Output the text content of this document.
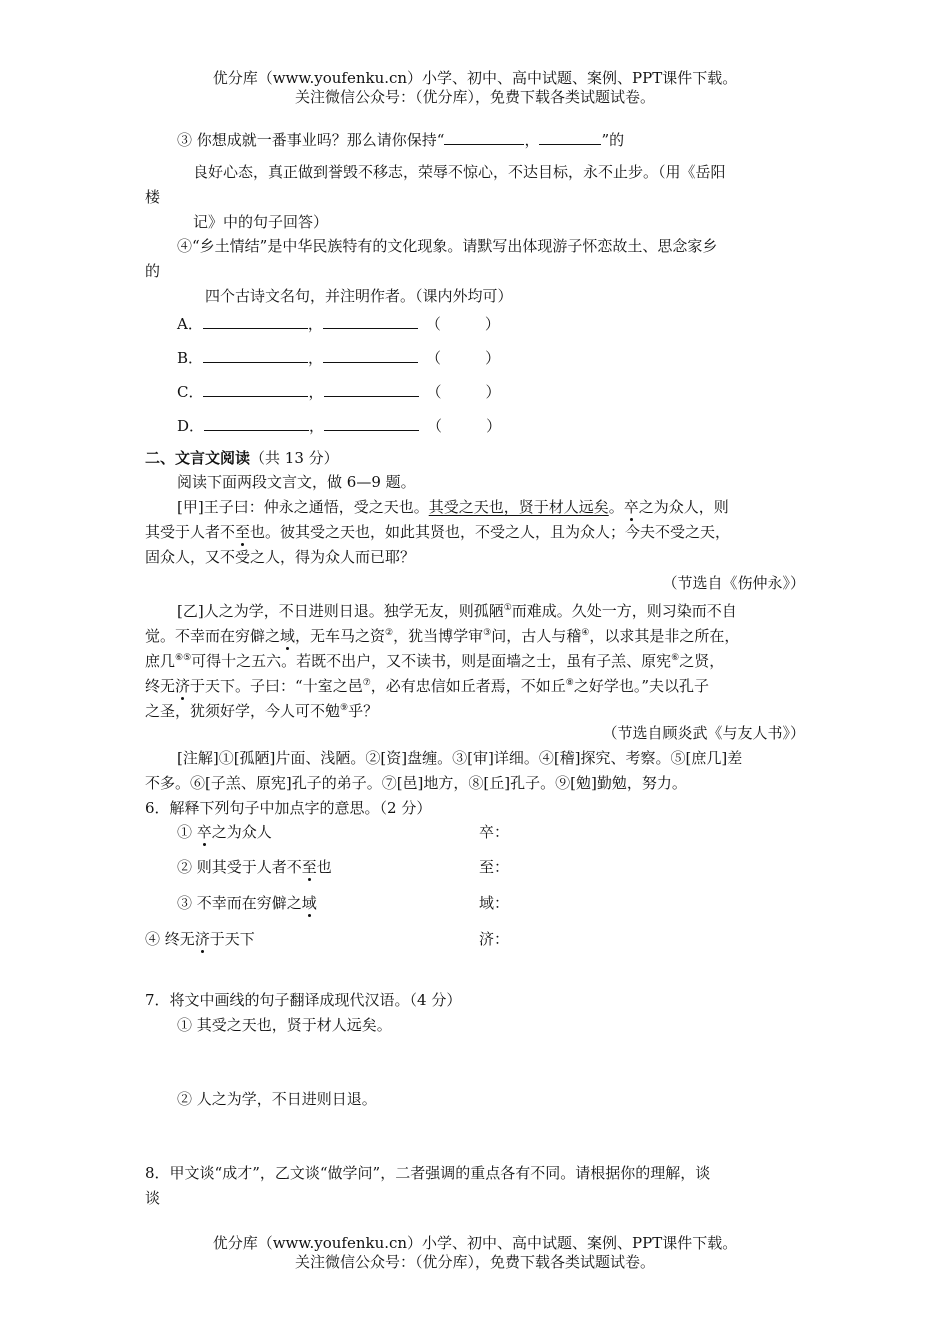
优分库（www.youfenku.cn）小学、初中、高中试题、案例、PPT课件下载。
关注微信公众号：（优分库），免费下载各类试题试卷。
③ 你想成就一番事业吗？那么请你保持“	，	”的
良好心态，真正做到誉毁不移志，荣辱不惊心，不达目标，永不止步。（用《岳阳
楼
记》中的句子回答）
④“乡土情结”是中华民族特有的文化现象。请默写出体现游子怀恋故土、思念家乡
的
四个古诗文名句，并注明作者。（课内外均可）
A．	，	（	）
B．	，	（	）
C．	，	（	）
D．	，	（	）
二、文言文阅读（共 13 分）
阅读下面两段文言文，做 6—9 题。
[甲]王子曰：仲永之通悟，受之天也。其受之天也，贤于材人远矣。卒之为众人，则
其受于人者不至也。彼其受之天也，如此其贤也，不受之人，且为众人；今夫不受之天，
固众人，又不受之人，得为众人而已耶？
（节选自《伤仲永》）
[乙]人之为学，不日进则日退。独学无友，则孤陋①而难成。久处一方，则习染而不自
觉。不幸而在穷僻之域，无车马之资②，犹当博学审③问，古人与稽④，以求其是非之所在，
庶几⑥⑤可得十之五六。若既不出户，又不读书，则是面墙之士，虽有子羔、原宪⑥之贤，
终无济于天下。子曰：“十室之邑⑦，必有忠信如丘者焉，不如丘⑧之好学也。”夫以孔子
之圣，犹须好学，今人可不勉⑨乎？
（节选自顾炎武《与友人书》）
[注解]①[孤陋]片面、浅陋。②[资]盘缠。③[审]详细。④[稽]探究、考察。⑤[庶几]差
不多。⑥[子羔、原宪]孔子的弟子。⑦[邑]地方，⑧[丘]孔子。⑨[勉]勤勉，努力。
6．解释下列句子中加点字的意思。（2 分）
① 卒之为众人	卒：
② 则其受于人者不至也	至：
③ 不幸而在穷僻之域	域：
④ 终无济于天下	济：
7．将文中画线的句子翻译成现代汉语。（4 分）
① 其受之天也，贤于材人远矣。
② 人之为学，不日进则日退。
8．甲文谈“成才”，乙文谈“做学问”，二者强调的重点各有不同。请根据你的理解，谈
谈
优分库（www.youfenku.cn）小学、初中、高中试题、案例、PPT课件下载。
关注微信公众号：（优分库），免费下载各类试题试卷。
